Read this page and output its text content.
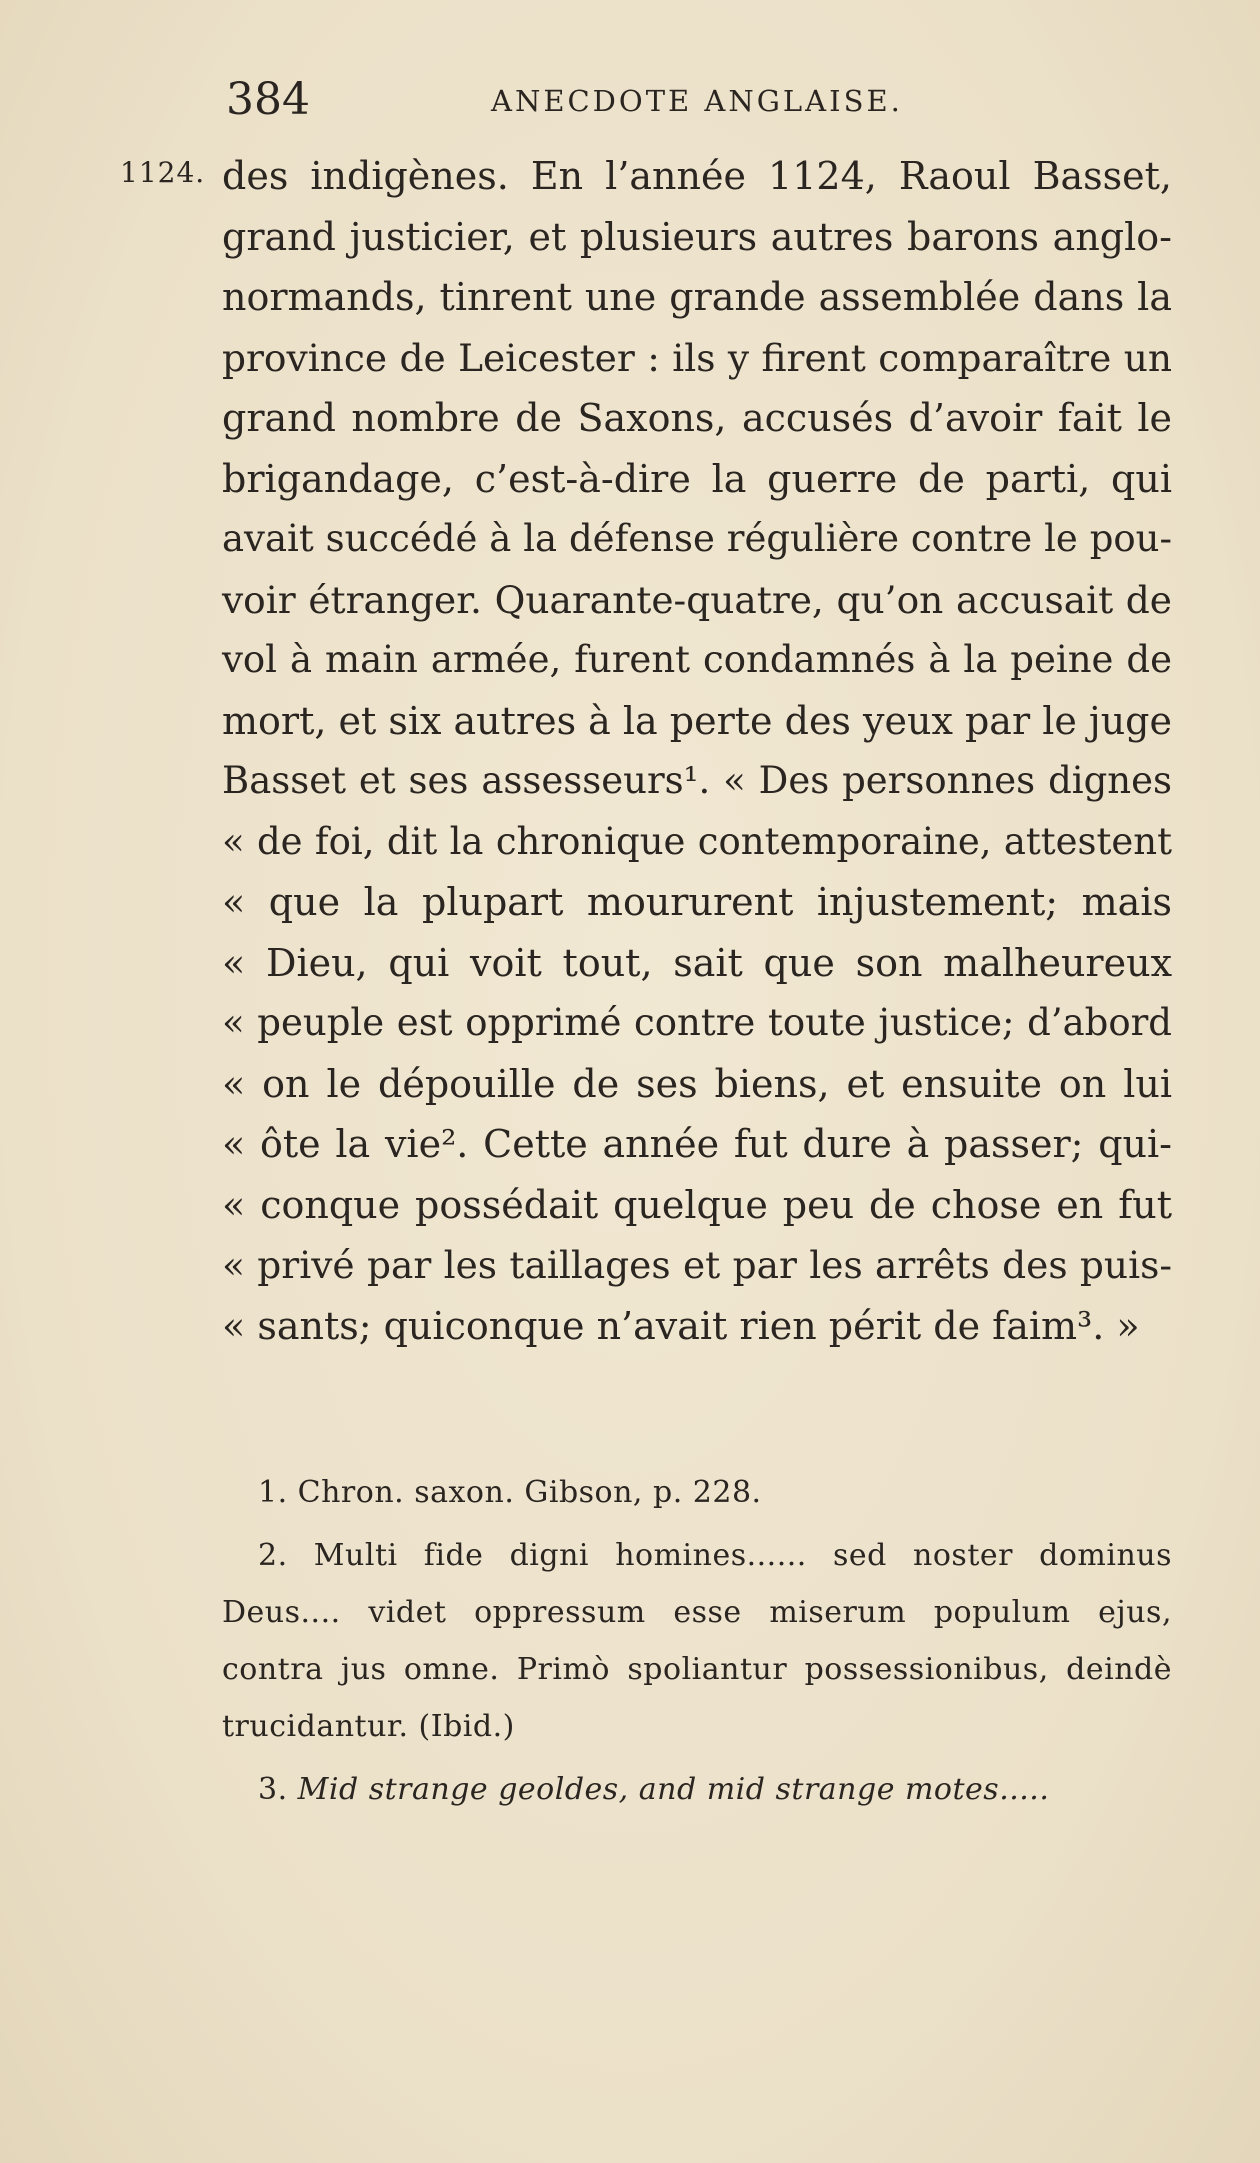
384	ANECDOTE ANGLAISE.
1124. des indigènes. En l’année 1124, Raoul Basset,
grand justicier, et plusieurs autres barons anglo-
normands, tinrent une grande assemblée dans la
province de Leicester : ils y firent comparaître un
grand nombre de Saxons, accusés d’avoir fait le
brigandage, c’est-à-dire la guerre de parti, qui
avait succédé à la défense régulière contre le pou-
voir étranger. Quarante-quatre, qu’on accusait de
vol à main armée, furent condamnés à la peine de
mort, et six autres à la perte des yeux par le juge
Basset et ses assesseurs¹. « Des personnes dignes
« de foi, dit la chronique contemporaine, attestent
« que la plupart moururent injustement; mais
« Dieu, qui voit tout, sait que son malheureux
« peuple est opprimé contre toute justice; d’abord
« on le dépouille de ses biens, et ensuite on lui
« ôte la vie². Cette année fut dure à passer; qui-
« conque possédait quelque peu de chose en fut
« privé par les taillages et par les arrêts des puis-
« sants; quiconque n’avait rien périt de faim³. »
1. Chron. saxon. Gibson, p. 228.
2. Multi fide digni homines...... sed noster dominus
Deus.... videt oppressum esse miserum populum ejus,
contra jus omne. Primò spoliantur possessionibus, deindè
trucidantur. (Ibid.)
3. Mid strange geoldes, and mid strange motes.....
